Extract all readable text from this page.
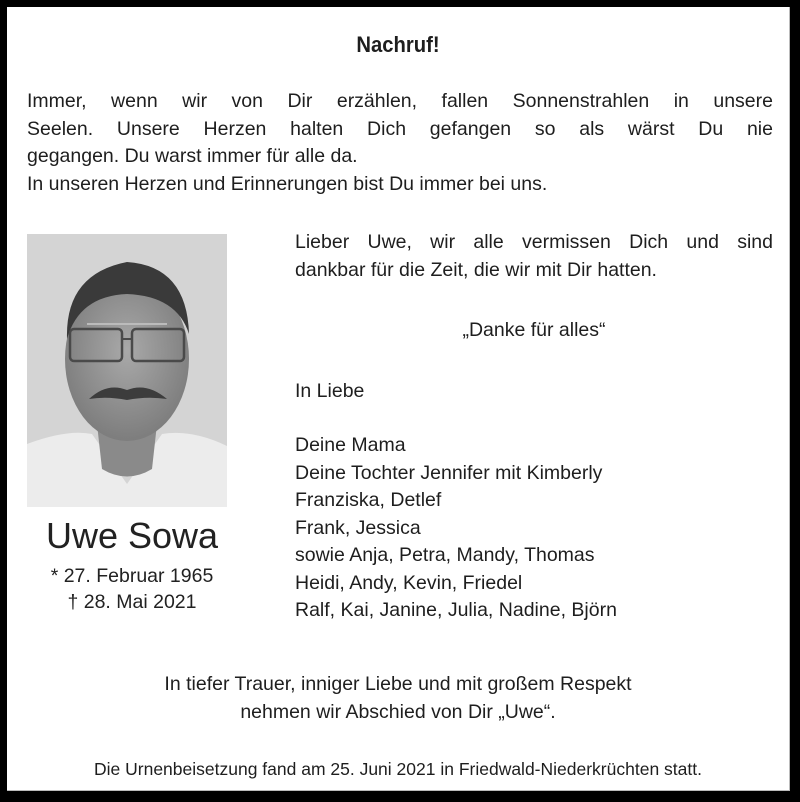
Nachruf!
Immer, wenn wir von Dir erzählen, fallen Sonnenstrahlen in unsere
Seelen. Unsere Herzen halten Dich gefangen so als wärst Du nie
gegangen. Du warst immer für alle da.
In unseren Herzen und Erinnerungen bist Du immer bei uns.
Uwe Sowa
* 27. Februar 1965
† 28. Mai 2021
Lieber Uwe, wir alle vermissen Dich und sind
dankbar für die Zeit, die wir mit Dir hatten.
„Danke für alles“
In Liebe
Deine Mama
Deine Tochter Jennifer mit Kimberly
Franziska, Detlef
Frank, Jessica
sowie Anja, Petra, Mandy, Thomas
Heidi, Andy, Kevin, Friedel
Ralf, Kai, Janine, Julia, Nadine, Björn
In tiefer Trauer, inniger Liebe und mit großem Respekt
nehmen wir Abschied von Dir „Uwe“.
Die Urnenbeisetzung fand am 25. Juni 2021 in Friedwald-Niederkrüchten statt.
